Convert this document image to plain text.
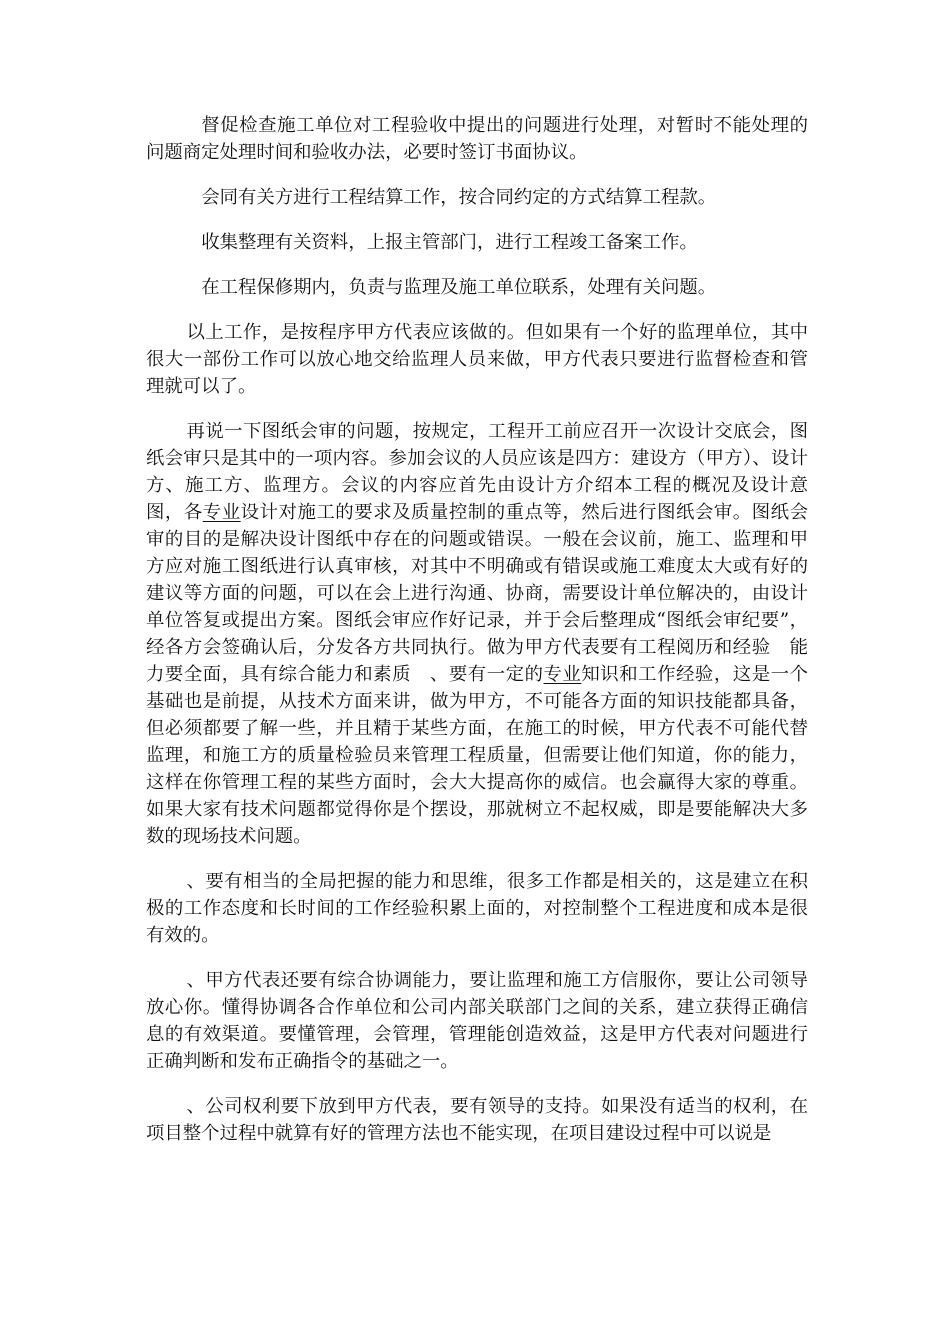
督促检查施工单位对工程验收中提出的问题进行处理，对暂时不能处理的问题商定处理时间和验收办法，必要时签订书面协议。

会同有关方进行工程结算工作，按合同约定的方式结算工程款。

收集整理有关资料，上报主管部门，进行工程竣工备案工作。

在工程保修期内，负责与监理及施工单位联系，处理有关问题。

以上工作，是按程序甲方代表应该做的。但如果有一个好的监理单位，其中很大一部份工作可以放心地交给监理人员来做，甲方代表只要进行监督检查和管理就可以了。

再说一下图纸会审的问题，按规定，工程开工前应召开一次设计交底会，图纸会审只是其中的一项内容。参加会议的人员应该是四方：建设方（甲方）、设计方、施工方、监理方。会议的内容应首先由设计方介绍本工程的概况及设计意图，各专业设计对施工的要求及质量控制的重点等，然后进行图纸会审。图纸会审的目的是解决设计图纸中存在的问题或错误。一般在会议前，施工、监理和甲方应对施工图纸进行认真审核，对其中不明确或有错误或施工难度太大或有好的建议等方面的问题，可以在会上进行沟通、协商，需要设计单位解决的，由设计单位答复或提出方案。图纸会审应作好记录，并于会后整理成“图纸会审纪要”，经各方会签确认后，分发各方共同执行。做为甲方代表要有工程阅历和经验　能力要全面，具有综合能力和素质　、要有一定的专业知识和工作经验，这是一个基础也是前提，从技术方面来讲，做为甲方，不可能各方面的知识技能都具备，但必须都要了解一些，并且精于某些方面，在施工的时候，甲方代表不可能代替监理，和施工方的质量检验员来管理工程质量，但需要让他们知道，你的能力，这样在你管理工程的某些方面时，会大大提高你的威信。也会赢得大家的尊重。如果大家有技术问题都觉得你是个摆设，那就树立不起权威，即是要能解决大多数的现场技术问题。

、要有相当的全局把握的能力和思维，很多工作都是相关的，这是建立在积极的工作态度和长时间的工作经验积累上面的，对控制整个工程进度和成本是很有效的。

、甲方代表还要有综合协调能力，要让监理和施工方信服你，要让公司领导放心你。懂得协调各合作单位和公司内部关联部门之间的关系，建立获得正确信息的有效渠道。要懂管理，会管理，管理能创造效益，这是甲方代表对问题进行正确判断和发布正确指令的基础之一。

、公司权利要下放到甲方代表，要有领导的支持。如果没有适当的权利，在项目整个过程中就算有好的管理方法也不能实现，在项目建设过程中可以说是
